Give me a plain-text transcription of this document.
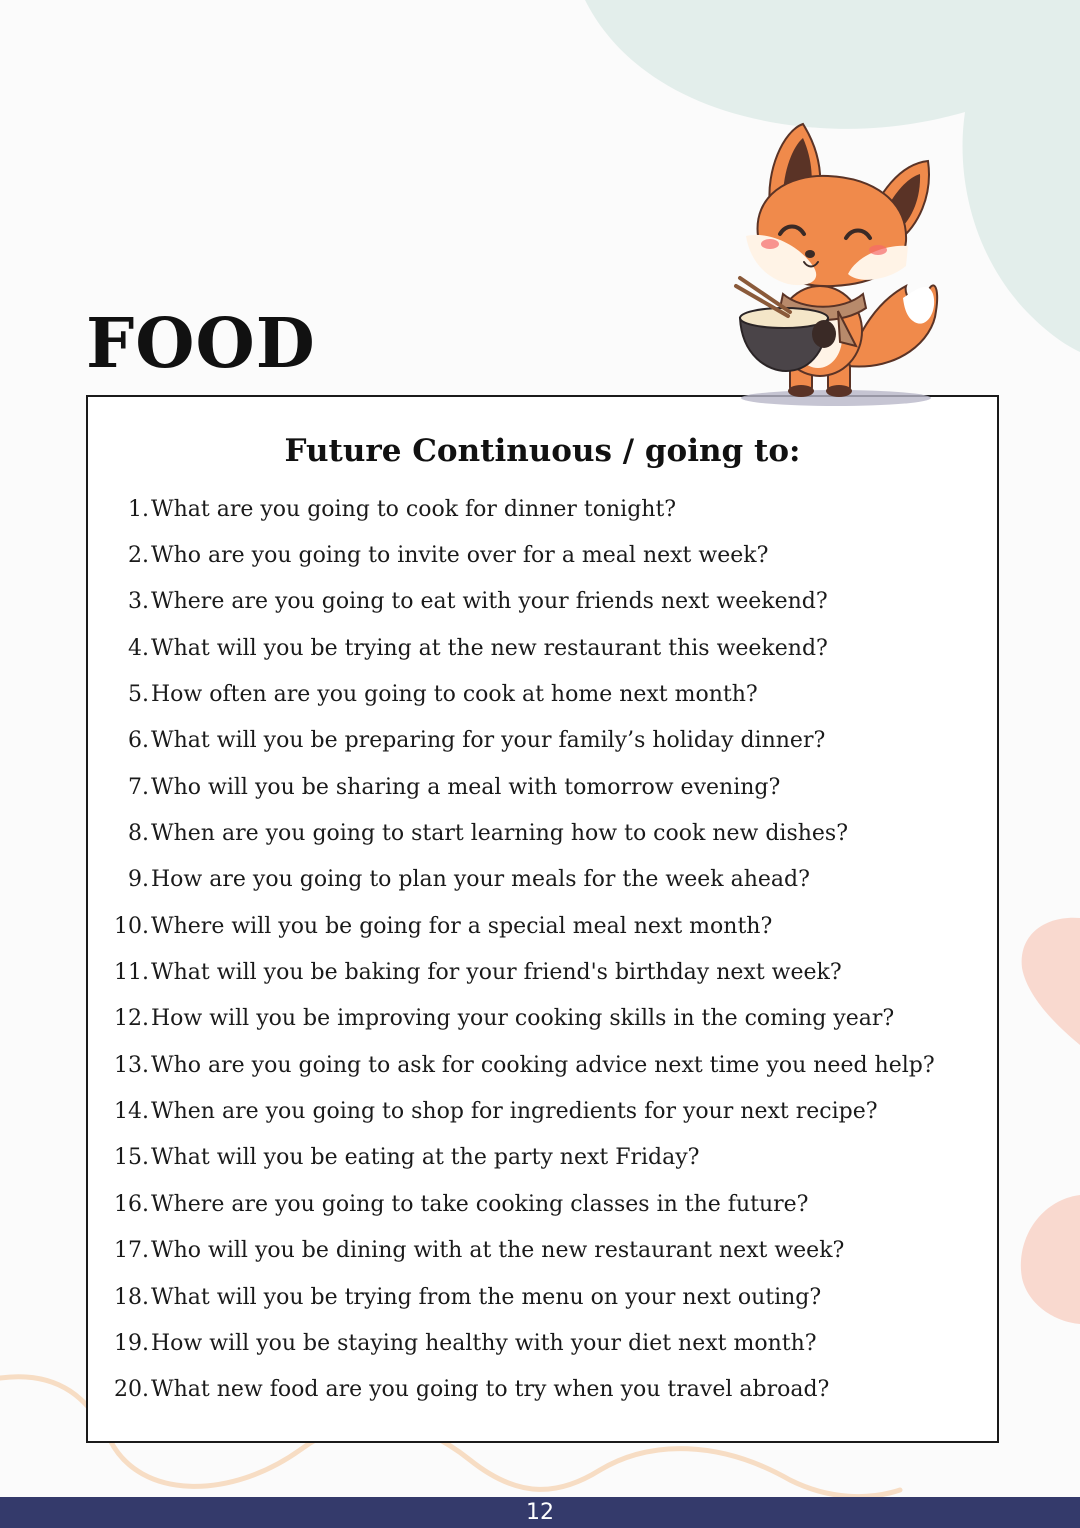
FOOD
Future Continuous / going to:
1. What are you going to cook for dinner tonight?
2. Who are you going to invite over for a meal next week?
3. Where are you going to eat with your friends next weekend?
4. What will you be trying at the new restaurant this weekend?
5. How often are you going to cook at home next month?
6. What will you be preparing for your family’s holiday dinner?
7. Who will you be sharing a meal with tomorrow evening?
8. When are you going to start learning how to cook new dishes?
9. How are you going to plan your meals for the week ahead?
10. Where will you be going for a special meal next month?
11. What will you be baking for your friend's birthday next week?
12. How will you be improving your cooking skills in the coming year?
13. Who are you going to ask for cooking advice next time you need help?
14. When are you going to shop for ingredients for your next recipe?
15. What will you be eating at the party next Friday?
16. Where are you going to take cooking classes in the future?
17. Who will you be dining with at the new restaurant next week?
18. What will you be trying from the menu on your next outing?
19. How will you be staying healthy with your diet next month?
20. What new food are you going to try when you travel abroad?
12
